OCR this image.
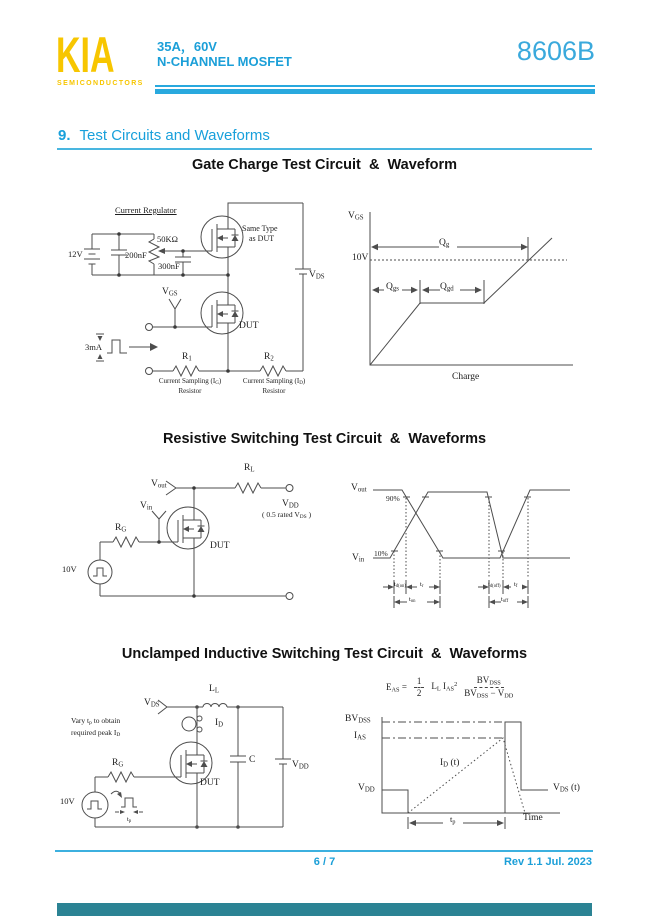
KIA
SEMICONDUCTORS
35A，60V
N-CHANNEL MOSFET	8606B
9. Test Circuits and Waveforms
Gate Charge Test Circuit  &  Waveform
Current Regulator
12V	200nF
50KΩ
300nF
Same Type
as DUT
$V_{DS}$
$V_{GS}$
DUT
3mA
$R_1$	$R_2$
Current Sampling $(I_G)$
Resistor
Current Sampling $(I_D)$
Resistor
$V_{GS}$
10V
$Q_g$
$Q_{gs}$	$Q_{gd}$
Charge
Resistive Switching Test Circuit  &  Waveforms
$V_{out}$
$R_L$
$V_{DD}$
( 0.5 rated $V_{DS}$ )
$V_{in}$
$R_G$
DUT
10V
$V_{out}$
90%
$V_{in}$
10%
$t_{d(on)}$ $t_r$
$t_{on}$
$t_{d(off)}$ $t_f$
$t_{off}$
Unclamped Inductive Switching Test Circuit  &  Waveforms
$V_{DS}$
$L_L$
$I_D$
Vary $t_p$ to obtain
required peak $I_D$
$R_G$
DUT
10V
$t_p$
C	$V_{DD}$
$E_{AS} = \frac{1}{2} L_L$ $I_{AS}^2 \frac{BV_{DSS}}{BV_{DSS} - V_{DD}}$
$BV_{DSS}$
$I_{AS}$
$V_{DD}$
$I_D$ (t)
$V_{DS}$ (t)
$t_p$	Time
6 / 7	Rev 1.1 Jul. 2023
